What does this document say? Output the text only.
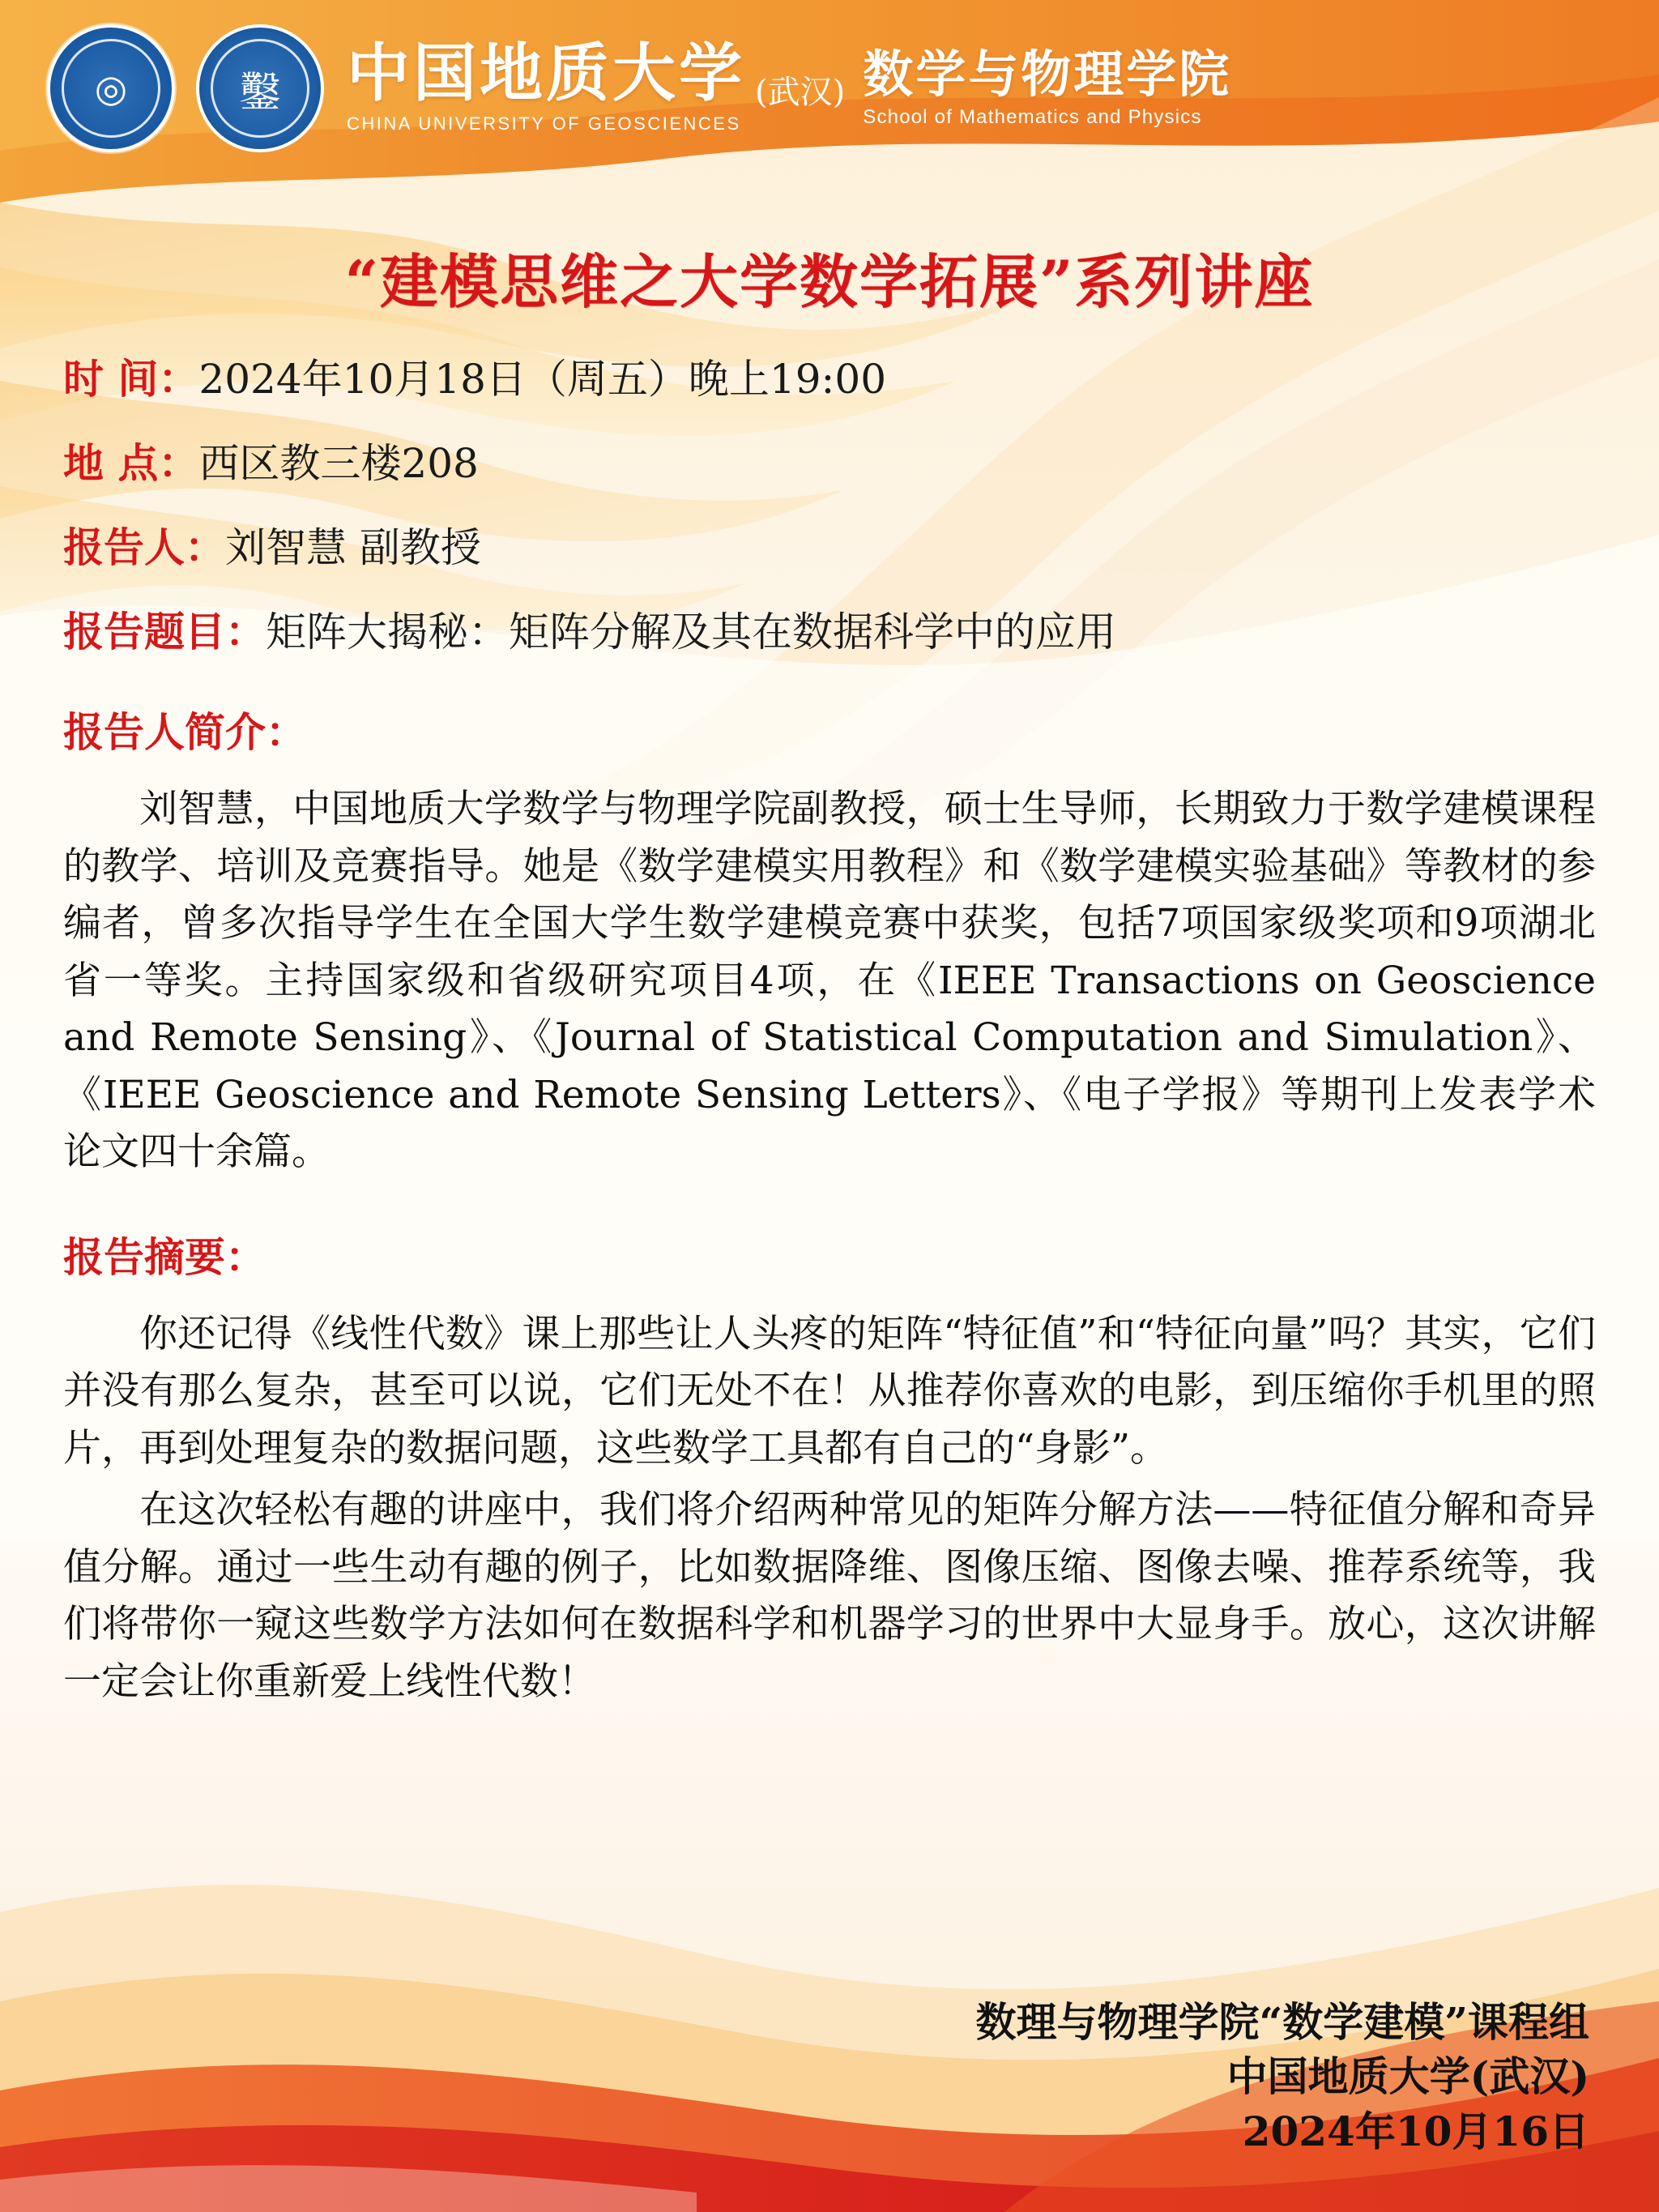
◎	鑿	中国地质大学
CHINA UNIVERSITY OF GEOSCIENCES
(武汉) 数学与物理学院
School of Mathematics and Physics
“建模思维之大学数学拓展”系列讲座
时 间： 2024年10月18日（周五）晚上19:00
地 点： 西区教三楼208
报告人： 刘智慧 副教授
报告题目： 矩阵大揭秘：矩阵分解及其在数据科学中的应用
报告人简介：
刘智慧，中国地质大学数学与物理学院副教授，硕士生导师，长期致力于数学建模课程的教学、培训及竞赛指导。她是《数学建模实用教程》和《数学建模实验基础》等教材的参编者，曾多次指导学生在全国大学生数学建模竞赛中获奖，包括7项国家级奖项和9项湖北省一等奖。主持国家级和省级研究项目4项，在《IEEE Transactions on Geoscience and Remote Sensing》、《Journal of Statistical Computation and Simulation》、《IEEE Geoscience and Remote Sensing Letters》、《电子学报》等期刊上发表学术论文四十余篇。
报告摘要：
你还记得《线性代数》课上那些让人头疼的矩阵“特征值”和“特征向量”吗？其实，它们并没有那么复杂，甚至可以说，它们无处不在！从推荐你喜欢的电影，到压缩你手机里的照片，再到处理复杂的数据问题，这些数学工具都有自己的“身影”。
在这次轻松有趣的讲座中，我们将介绍两种常见的矩阵分解方法——特征值分解和奇异值分解。通过一些生动有趣的例子，比如数据降维、图像压缩、图像去噪、推荐系统等，我们将带你一窥这些数学方法如何在数据科学和机器学习的世界中大显身手。放心，这次讲解一定会让你重新爱上线性代数！
数理与物理学院“数学建模”课程组
中国地质大学(武汉)
2024年10月16日
